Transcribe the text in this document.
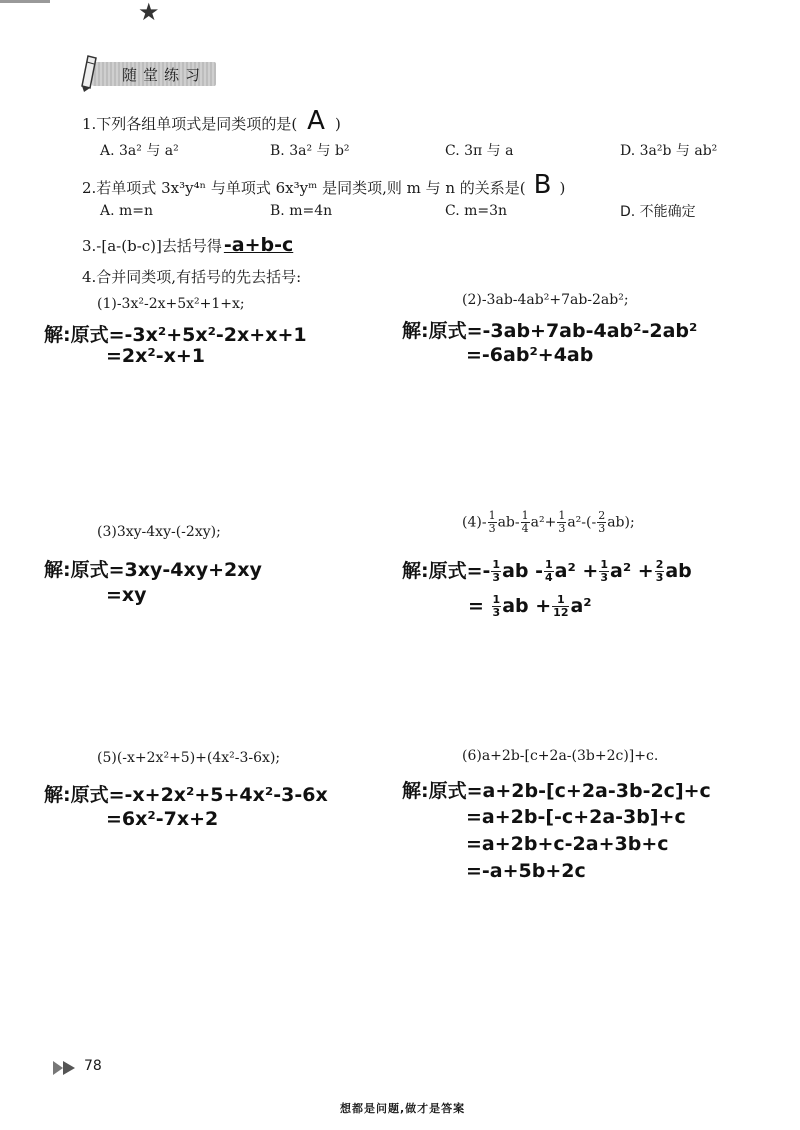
★
随堂练习
1.下列各组单项式是同类项的是( A )
A. 3a² 与 a²	B. 3a² 与 b²	C. 3π 与 a	D. 3a²b 与 ab²
2.若单项式 3x³y⁴ⁿ 与单项式 6x³yᵐ 是同类项,则 m 与 n 的关系是( B )
A. m=n	B. m=4n	C. m=3n	D. 不能确定
3.-[a-(b-c)]去括号得 -a+b-c
4.合并同类项,有括号的先去括号:
(1)-3x²-2x+5x²+1+x;
解:原式=-3x²+5x²-2x+x+1
=2x²-x+1
(2)-3ab-4ab²+7ab-2ab²;
解:原式=-3ab+7ab-4ab²-2ab²
=-6ab²+4ab
(3)3xy-4xy-(-2xy);
解:原式=3xy-4xy+2xy
=xy
$(4)- \frac{1}{3} ab- \frac{1}{4} a^2+ \frac{1}{3} a^2-(- \frac{2}{3} ab)$;
解:原式=- $\frac{1}{3}$ ab - $\frac{1}{4} a^2 + \frac{1}{3} a^2 + \frac{2}{3}$ ab
= $\frac{1}{3}$ ab + $\frac{1}{12} a^2$
(5)(-x+2x²+5)+(4x²-3-6x);
解:原式=-x+2x²+5+4x²-3-6x
=6x²-7x+2
(6)a+2b-[c+2a-(3b+2c)]+c.
解:原式=a+2b-[c+2a-3b-2c]+c
=a+2b-[-c+2a-3b]+c
=a+2b+c-2a+3b+c
=-a+5b+2c
78
想都是问题,做才是答案
